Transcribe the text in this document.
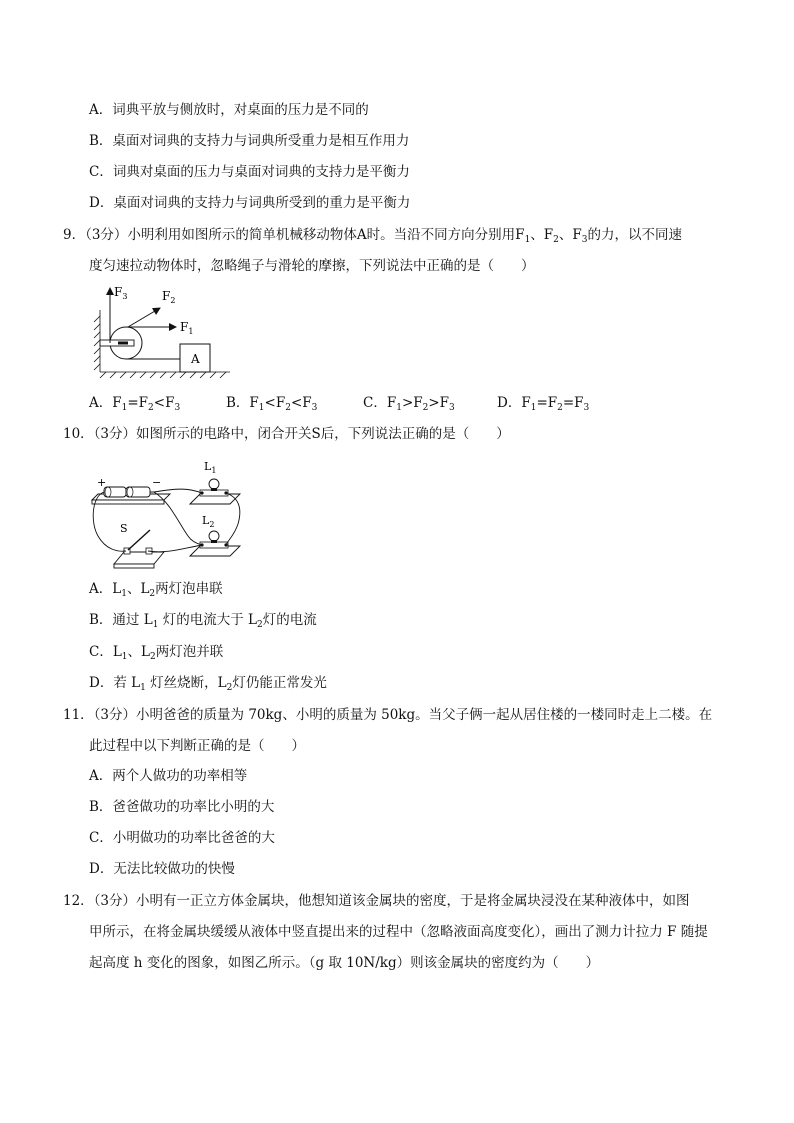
A．词典平放与侧放时，对桌面的压力是不同的
B．桌面对词典的支持力与词典所受重力是相互作用力
C．词典对桌面的压力与桌面对词典的支持力是平衡力
D．桌面对词典的支持力与词典所受到的重力是平衡力
9．（3分）小明利用如图所示的简单机械移动物体A时。当沿不同方向分别用$F_1$、$F_2$、$F_3$的力，以不同速
度匀速拉动物体时，忽略绳子与滑轮的摩擦，下列说法中正确的是（　　）
A
$F_3$	$F_2$
$F_1$
A．$F_1=F_2<F_3$	B．$F_1<F_2<F_3$	C．$F_1>F_2>F_3$	D．$F_1=F_2=F_3$
10．（3分）如图所示的电路中，闭合开关S后，下列说法正确的是（　　）
+	−
$L_1$
$L_2$
S
A．$L_1$、$L_2$两灯泡串联
B．通过 $L_1$ 灯的电流大于 $L_2$灯的电流
C．$L_1$、$L_2$两灯泡并联
D．若 $L_1$ 灯丝烧断，$L_2$灯仍能正常发光
11．（3分）小明爸爸的质量为 70kg、小明的质量为 50kg。当父子俩一起从居住楼的一楼同时走上二楼。在
此过程中以下判断正确的是（　　）
A．两个人做功的功率相等
B．爸爸做功的功率比小明的大
C．小明做功的功率比爸爸的大
D．无法比较做功的快慢
12．（3分）小明有一正立方体金属块，他想知道该金属块的密度，于是将金属块浸没在某种液体中，如图
甲所示，在将金属块缓缓从液体中竖直提出来的过程中（忽略液面高度变化），画出了测力计拉力 F 随提
起高度 h 变化的图象，如图乙所示。（g 取 10N/kg）则该金属块的密度约为（　　）
